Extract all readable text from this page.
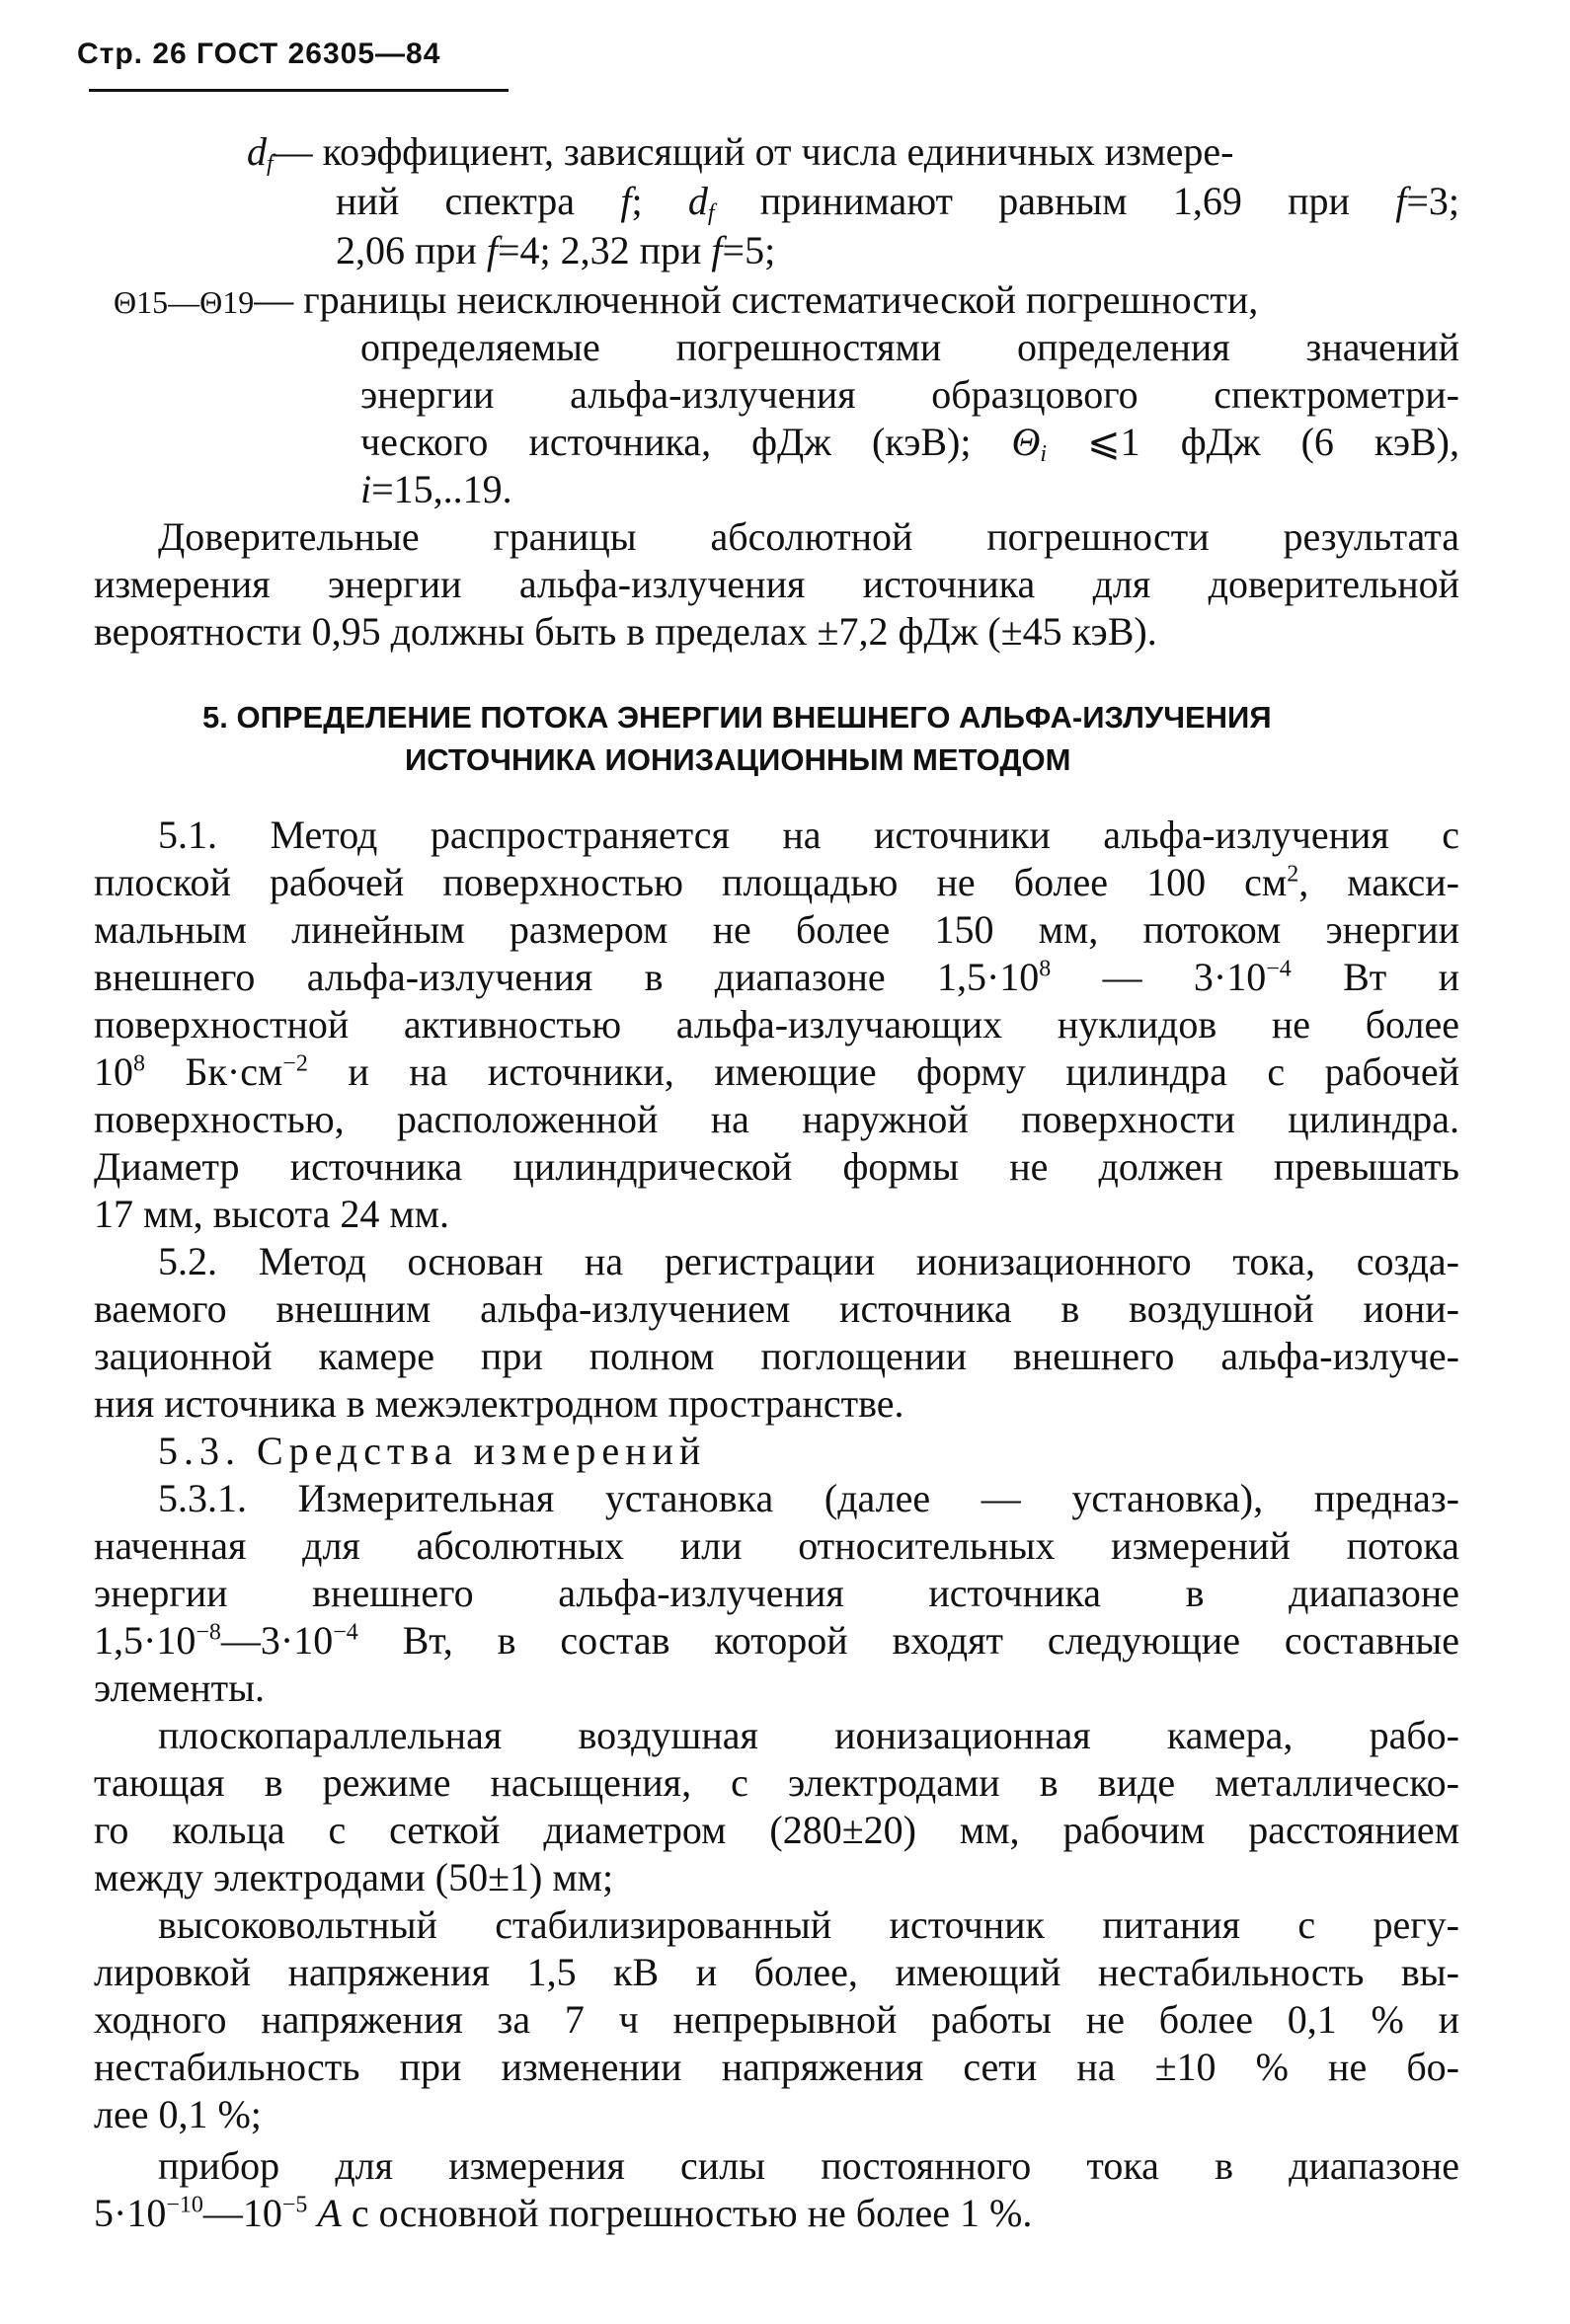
Стр. 26 ГОСТ 26305—84
$d_f—$ коэффициент, зависящий от числа единичных измере-
ний спектра f; $d_f$ принимают равным 1,69 при f=3;
2,06 при f=4; 2,32 при f=5;
Θ15—Θ19— границы неисключенной систематической погрешности,
определяемые погрешностями определения значений
энергии альфа-излучения образцового спектрометри-
ческого источника, фДж (кэВ); $\Theta_i$ ⩽1 фДж (6 кэВ),
i=15,..19.
Доверительные границы абсолютной погрешности результата
измерения энергии альфа-излучения источника для доверительной
вероятности 0,95 должны быть в пределах ±7,2 фДж (±45 кэВ).
5. ОПРЕДЕЛЕНИЕ ПОТОКА ЭНЕРГИИ ВНЕШНЕГО АЛЬФА-ИЗЛУЧЕНИЯ
ИСТОЧНИКА ИОНИЗАЦИОННЫМ МЕТОДОМ
5.1. Метод распространяется на источники альфа-излучения с
плоской рабочей поверхностью площадью не более 100 $см^2$, макси-
мальным линейным размером не более 150 мм, потоком энергии
внешнего альфа-излучения в диапазоне $1,5\cdot 10^8$ — $3\cdot 10^{-4}$ Вт и
поверхностной активностью альфа-излучающих нуклидов не более
$10^8$ $Бк\cdot см^{-2}$ и на источники, имеющие форму цилиндра с рабочей
поверхностью, расположенной на наружной поверхности цилиндра.
Диаметр источника цилиндрической формы не должен превышать
17 мм, высота 24 мм.
5.2. Метод основан на регистрации ионизационного тока, созда-
ваемого внешним альфа-излучением источника в воздушной иони-
зационной камере при полном поглощении внешнего альфа-излуче-
ния источника в межэлектродном пространстве.
5.3. Средства измерений
5.3.1. Измерительная установка (далее — установка), предназ-
наченная для абсолютных или относительных измерений потока
энергии внешнего альфа-излучения источника в диапазоне
$1,5\cdot 10^{-8}—3\cdot 10^{-4}$ Вт, в состав которой входят следующие составные
элементы.
плоскопараллельная воздушная ионизационная камера, рабо-
тающая в режиме насыщения, с электродами в виде металлическо-
го кольца с сеткой диаметром (280±20) мм, рабочим расстоянием
между электродами (50±1) мм;
высоковольтный стабилизированный источник питания с регу-
лировкой напряжения 1,5 кВ и более, имеющий нестабильность вы-
ходного напряжения за 7 ч непрерывной работы не более 0,1 % и
нестабильность при изменении напряжения сети на ±10 % не бо-
лее 0,1 %;
прибор для измерения силы постоянного тока в диапазоне
$5\cdot 10^{-10}—10^{-5}$ А с основной погрешностью не более 1 %.
